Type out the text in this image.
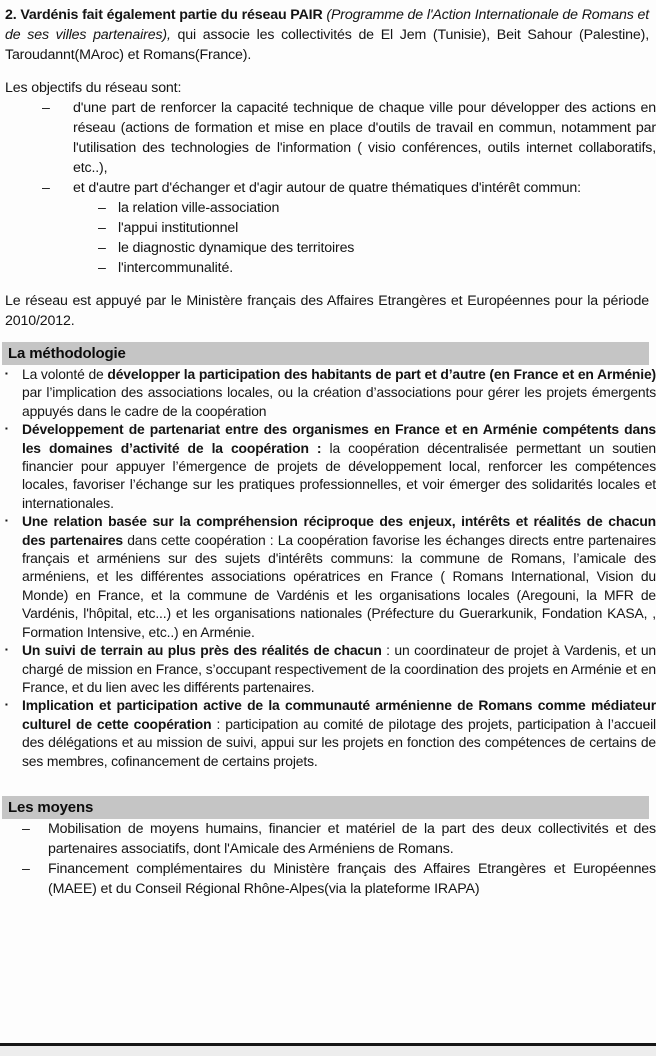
2. Vardénis fait également partie du réseau PAIR (Programme de l'Action Internationale de Romans et de ses villes partenaires), qui associe les collectivités de El Jem (Tunisie), Beit Sahour (Palestine), Taroudannt(MAroc) et Romans(France).

Les objectifs du réseau sont:

–	d'une part de renforcer la capacité technique de chaque ville pour développer des actions en réseau (actions de formation et mise en place d'outils de travail en commun, notamment par l'utilisation des technologies de l'information ( visio conférences, outils internet collaboratifs, etc..),
–	et d'autre part d'échanger et d'agir autour de quatre thématiques d'intérêt commun:
– la relation ville-association
– l'appui institutionnel
– le diagnostic dynamique des territoires
– l'intercommunalité.

Le réseau est appuyé par le Ministère français des Affaires Etrangères et Européennes pour la période 2010/2012.

La méthodologie
▪	La volonté de développer la participation des habitants de part et d’autre (en France et en Arménie) par l’implication des associations locales, ou la création d’associations pour gérer les projets émergents appuyés dans le cadre de la coopération
▪	Développement de partenariat entre des organismes en France et en Arménie compétents dans les domaines d’activité de la coopération : la coopération décentralisée permettant un soutien financier pour appuyer l’émergence de projets de développement local, renforcer les compétences locales, favoriser l’échange sur les pratiques professionnelles, et voir émerger des solidarités locales et internationales.
▪	Une relation basée sur la compréhension réciproque des enjeux, intérêts et réalités de chacun des partenaires dans cette coopération : La coopération favorise les échanges directs entre partenaires français et arméniens sur des sujets d'intérêts communs: la commune de Romans, l’amicale des arméniens, et les différentes associations opératrices en France ( Romans International, Vision du Monde) en France, et la commune de Vardénis et les organisations locales (Aregouni, la MFR de Vardénis, l'hôpital, etc...) et les organisations nationales (Préfecture du Guerarkunik, Fondation KASA, , Formation Intensive, etc..) en Arménie.
▪	Un suivi de terrain au plus près des réalités de chacun : un coordinateur de projet à Vardenis, et un chargé de mission en France, s’occupant respectivement de la coordination des projets en Arménie et en France, et du lien avec les différents partenaires.
▪	Implication et participation active de la communauté arménienne de Romans comme médiateur culturel de cette coopération : participation au comité de pilotage des projets, participation à l’accueil des délégations et au mission de suivi, appui sur les projets en fonction des compétences de certains de ses membres, cofinancement de certains projets.
Les moyens
–	Mobilisation de moyens humains, financier et matériel de la part des deux collectivités et des partenaires associatifs, dont l'Amicale des Arméniens de Romans.
–	Financement complémentaires du Ministère français des Affaires Etrangères et Européennes (MAEE) et du Conseil Régional Rhône-Alpes(via la plateforme IRAPA)
